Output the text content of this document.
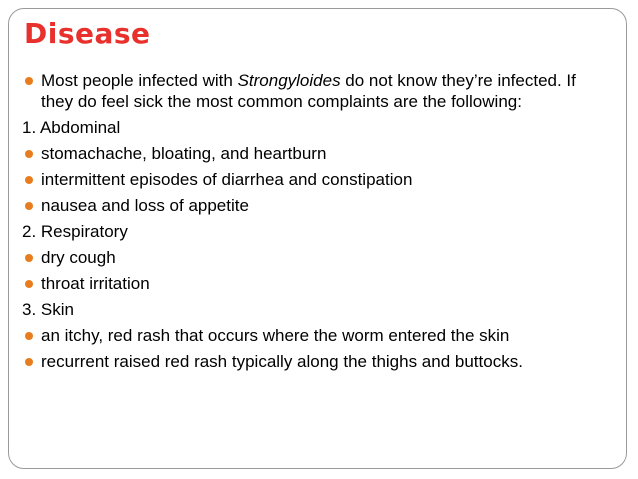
Disease
Most people infected with Strongyloides do not know they’re infected. If they do feel sick the most common complaints are the following:
1. Abdominal
stomachache, bloating, and heartburn
intermittent episodes of diarrhea and constipation
nausea and loss of appetite
2. Respiratory
dry cough
throat irritation
3. Skin
an itchy, red rash that occurs where the worm entered the skin
recurrent raised red rash typically along the thighs and buttocks.
